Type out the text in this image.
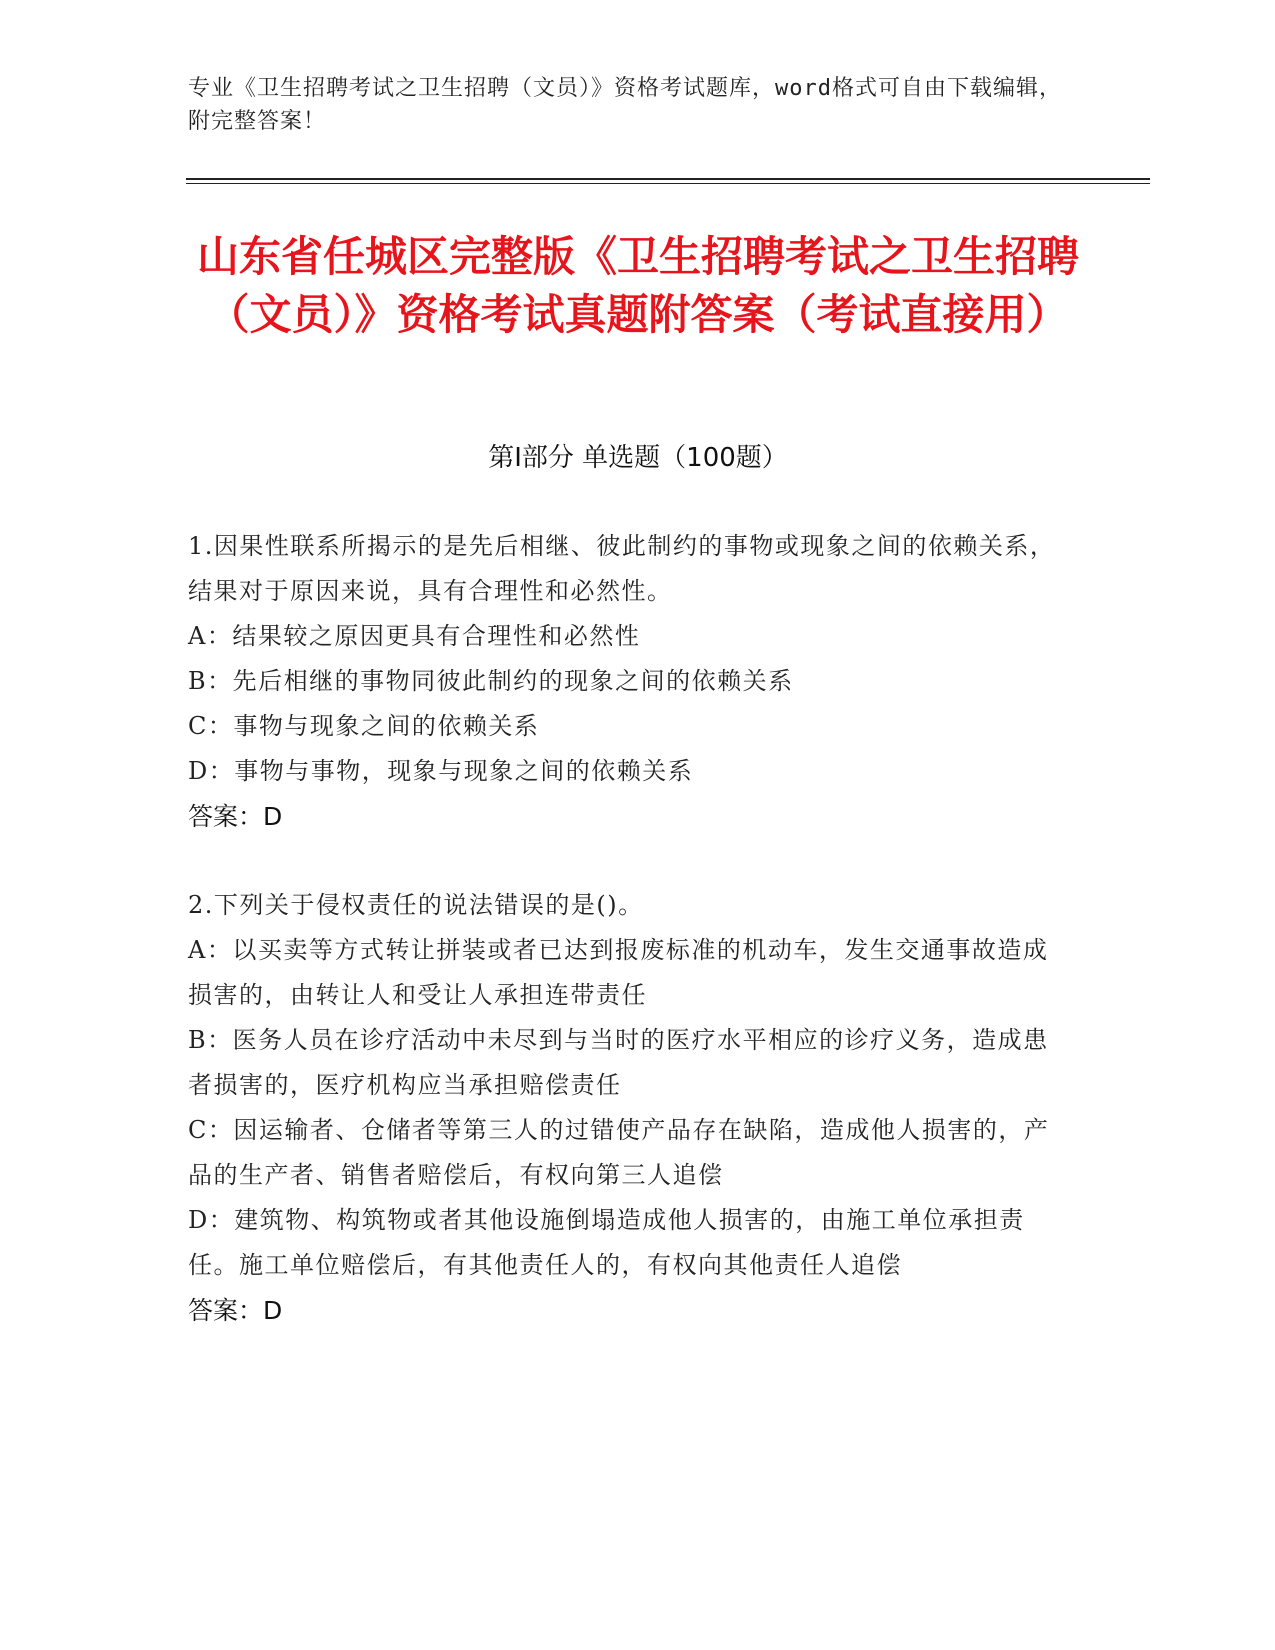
专业《卫生招聘考试之卫生招聘（文员）》资格考试题库，word格式可自由下载编辑，附完整答案！
山东省任城区完整版《卫生招聘考试之卫生招聘（文员）》资格考试真题附答案（考试直接用）
第Ⅰ部分 单选题（100题）

1.因果性联系所揭示的是先后相继、彼此制约的事物或现象之间的依赖关系，结果对于原因来说，具有合理性和必然性。

A：结果较之原因更具有合理性和必然性

B：先后相继的事物同彼此制约的现象之间的依赖关系

C：事物与现象之间的依赖关系

D：事物与事物，现象与现象之间的依赖关系

答案：D

2.下列关于侵权责任的说法错误的是()。

A：以买卖等方式转让拼装或者已达到报废标准的机动车，发生交通事故造成损害的，由转让人和受让人承担连带责任

B：医务人员在诊疗活动中未尽到与当时的医疗水平相应的诊疗义务，造成患者损害的，医疗机构应当承担赔偿责任

C：因运输者、仓储者等第三人的过错使产品存在缺陷，造成他人损害的，产品的生产者、销售者赔偿后，有权向第三人追偿

D：建筑物、构筑物或者其他设施倒塌造成他人损害的，由施工单位承担责任。施工单位赔偿后，有其他责任人的，有权向其他责任人追偿

答案：D
